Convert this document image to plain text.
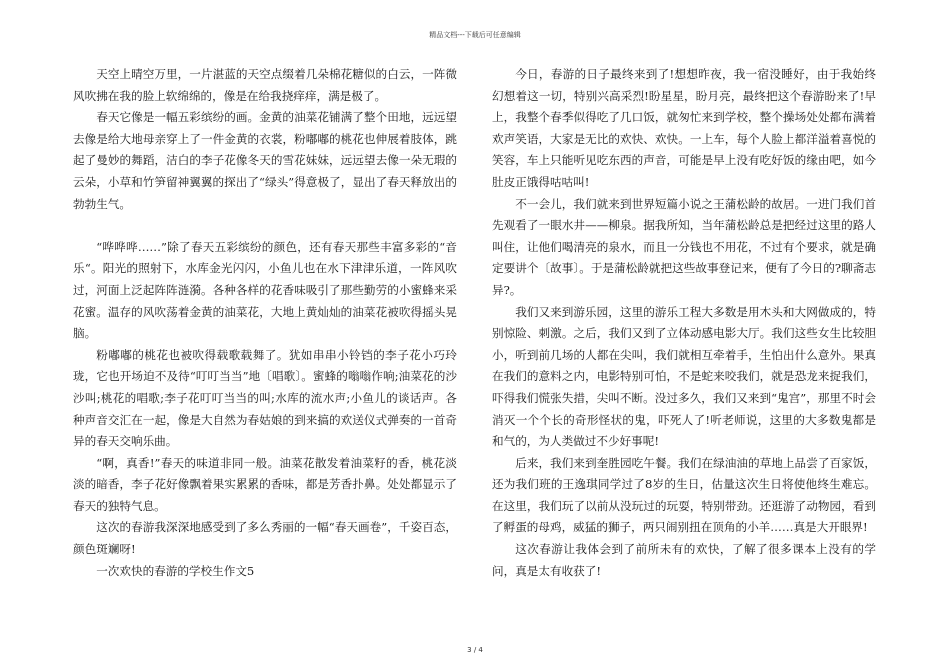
精品文档---下载后可任意编辑

天空上晴空万里，一片湛蓝的天空点缀着几朵棉花糖似的白云，一阵微风吹拂在我的脸上软绵绵的，像是在给我挠痒痒，满是极了。

春天它像是一幅五彩缤纷的画。金黄的油菜花铺满了整个田地，远远望去像是给大地母亲穿上了一件金黄的衣裳，粉嘟嘟的桃花也伸展着肢体，跳起了曼妙的舞蹈，洁白的李子花像冬天的雪花妹妹，远远望去像一朵无瑕的云朵，小草和竹笋留神翼翼的探出了“绿头”得意极了，显出了春天释放出的勃勃生气。

“哗哗哗……”除了春天五彩缤纷的颜色，还有春天那些丰富多彩的“音乐“。阳光的照射下，水库金光闪闪，小鱼儿也在水下津津乐道，一阵风吹过，河面上泛起阵阵涟漪。各种各样的花香味吸引了那些勤劳的小蜜蜂来采花蜜。温存的风吹荡着金黄的油菜花，大地上黄灿灿的油菜花被吹得摇头晃脑。

粉嘟嘟的桃花也被吹得载歌载舞了。犹如串串小铃铛的李子花小巧玲珑，它也开场迫不及待“叮叮当当”地〔唱歌〕。蜜蜂的嗡嗡作响;油菜花的沙沙叫;桃花的唱歌;李子花叮叮当当的叫;水库的流水声;小鱼儿的谈话声。各种声音交汇在一起，像是大自然为春姑娘的到来搞的欢送仪式弹奏的一首奇异的春天交响乐曲。

“啊，真香!”春天的味道非同一般。油菜花散发着油菜籽的香，桃花淡淡的暗香，李子花好像飘着果实累累的香味，都是芳香扑鼻。处处都显示了春天的独特气息。

这次的春游我深深地感受到了多么秀丽的一幅“春天画卷”，千姿百态，颜色斑斓呀!

一次欢快的春游的学校生作文5

今日，春游的日子最终来到了!想想昨夜，我一宿没睡好，由于我始终幻想着这一切，特别兴高采烈!盼星星，盼月亮，最终把这个春游盼来了!早上，我整个春季似得吃了几口饭，就匆忙来到学校，整个操场处处都布满着欢声笑语，大家是无比的欢快、欢快。一上车，每个人脸上都洋溢着喜悦的笑容，车上只能听见吃东西的声音，可能是早上没有吃好饭的缘由吧，如今肚皮正饿得咕咕叫!

不一会儿，我们就来到世界短篇小说之王蒲松龄的故居。一进门我们首先观看了一眼水井——柳泉。据我所知，当年蒲松龄总是把经过这里的路人叫住，让他们喝清亮的泉水，而且一分钱也不用花，不过有个要求，就是确定要讲个〔故事〕。于是蒲松龄就把这些故事登记来，便有了今日的?聊斋志异?。

我们又来到游乐园，这里的游乐工程大多数是用木头和大网做成的，特别惊险、刺激。之后，我们又到了立体动感电影大厅。我们这些女生比较胆小，听到前几场的人都在尖叫，我们就相互牵着手，生怕出什么意外。果真在我们的意料之内，电影特别可怕，不是蛇来咬我们，就是恐龙来捉我们，吓得我们慌张失措，尖叫不断。没过多久，我们又来到“鬼宫”，那里不时会消灭一个个长的奇形怪状的鬼，吓死人了!听老师说，这里的大多数鬼都是和气的，为人类做过不少好事呢!

后来，我们来到奎胜园吃午餐。我们在绿油油的草地上品尝了百家饭，还为我们班的王逸琪同学过了8岁的生日，估量这次生日将使他终生难忘。在这里，我们玩了以前从没玩过的玩耍，特别带劲。还逛游了动物园，看到了孵蛋的母鸡，威猛的狮子，两只闹别扭在顶角的小羊……真是大开眼界!

这次春游让我体会到了前所未有的欢快，了解了很多课本上没有的学问，真是太有收获了!

3 / 4
